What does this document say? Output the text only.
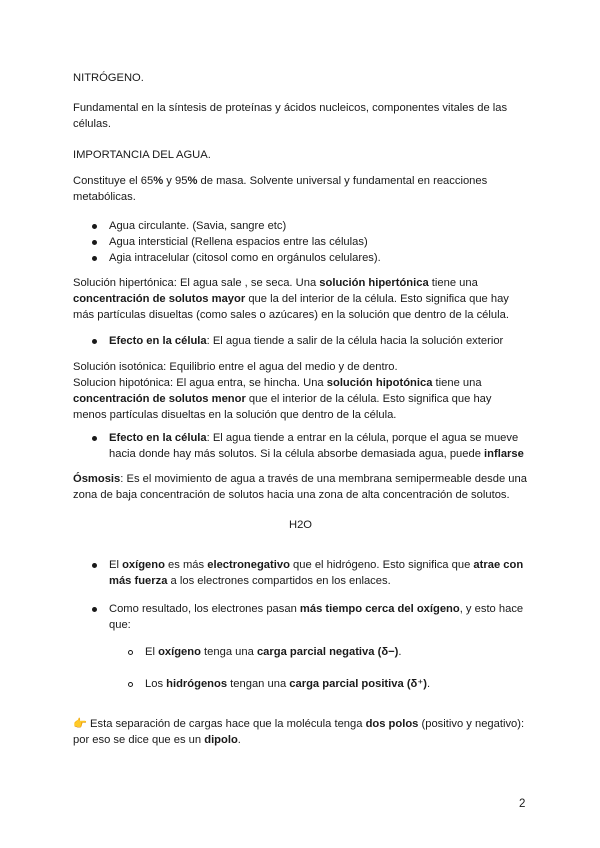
NITRÓGENO.

Fundamental en la síntesis de proteínas y ácidos nucleicos, componentes vitales de las células.

IMPORTANCIA DEL AGUA.

Constituye el 65% y 95% de masa. Solvente universal y fundamental en reacciones metabólicas.

Agua circulante. (Savia, sangre etc)
Agua intersticial (Rellena espacios entre las células)
Agia intracelular (citosol como en orgánulos celulares).

Solución hipertónica: El agua sale , se seca. Una solución hipertónica tiene una concentración de solutos mayor que la del interior de la célula. Esto significa que hay más partículas disueltas (como sales o azúcares) en la solución que dentro de la célula.

Efecto en la célula: El agua tiende a salir de la célula hacia la solución exterior

Solución isotónica: Equilibrio entre el agua del medio y de dentro.

Solucion hipotónica: El agua entra, se hincha. Una solución hipotónica tiene una concentración de solutos menor que el interior de la célula. Esto significa que hay menos partículas disueltas en la solución que dentro de la célula.

Efecto en la célula: El agua tiende a entrar en la célula, porque el agua se mueve hacia donde hay más solutos. Si la célula absorbe demasiada agua, puede inflarse

Ósmosis: Es el movimiento de agua a través de una membrana semipermeable desde una zona de baja concentración de solutos hacia una zona de alta concentración de solutos.

H2O

El oxígeno es más electronegativo que el hidrógeno. Esto significa que atrae con más fuerza a los electrones compartidos en los enlaces.
Como resultado, los electrones pasan más tiempo cerca del oxígeno, y esto hace que:
El oxígeno tenga una carga parcial negativa (δ−).
Los hidrógenos tengan una carga parcial positiva (δ⁺).

👉 Esta separación de cargas hace que la molécula tenga dos polos (positivo y negativo): por eso se dice que es un dipolo.

2
